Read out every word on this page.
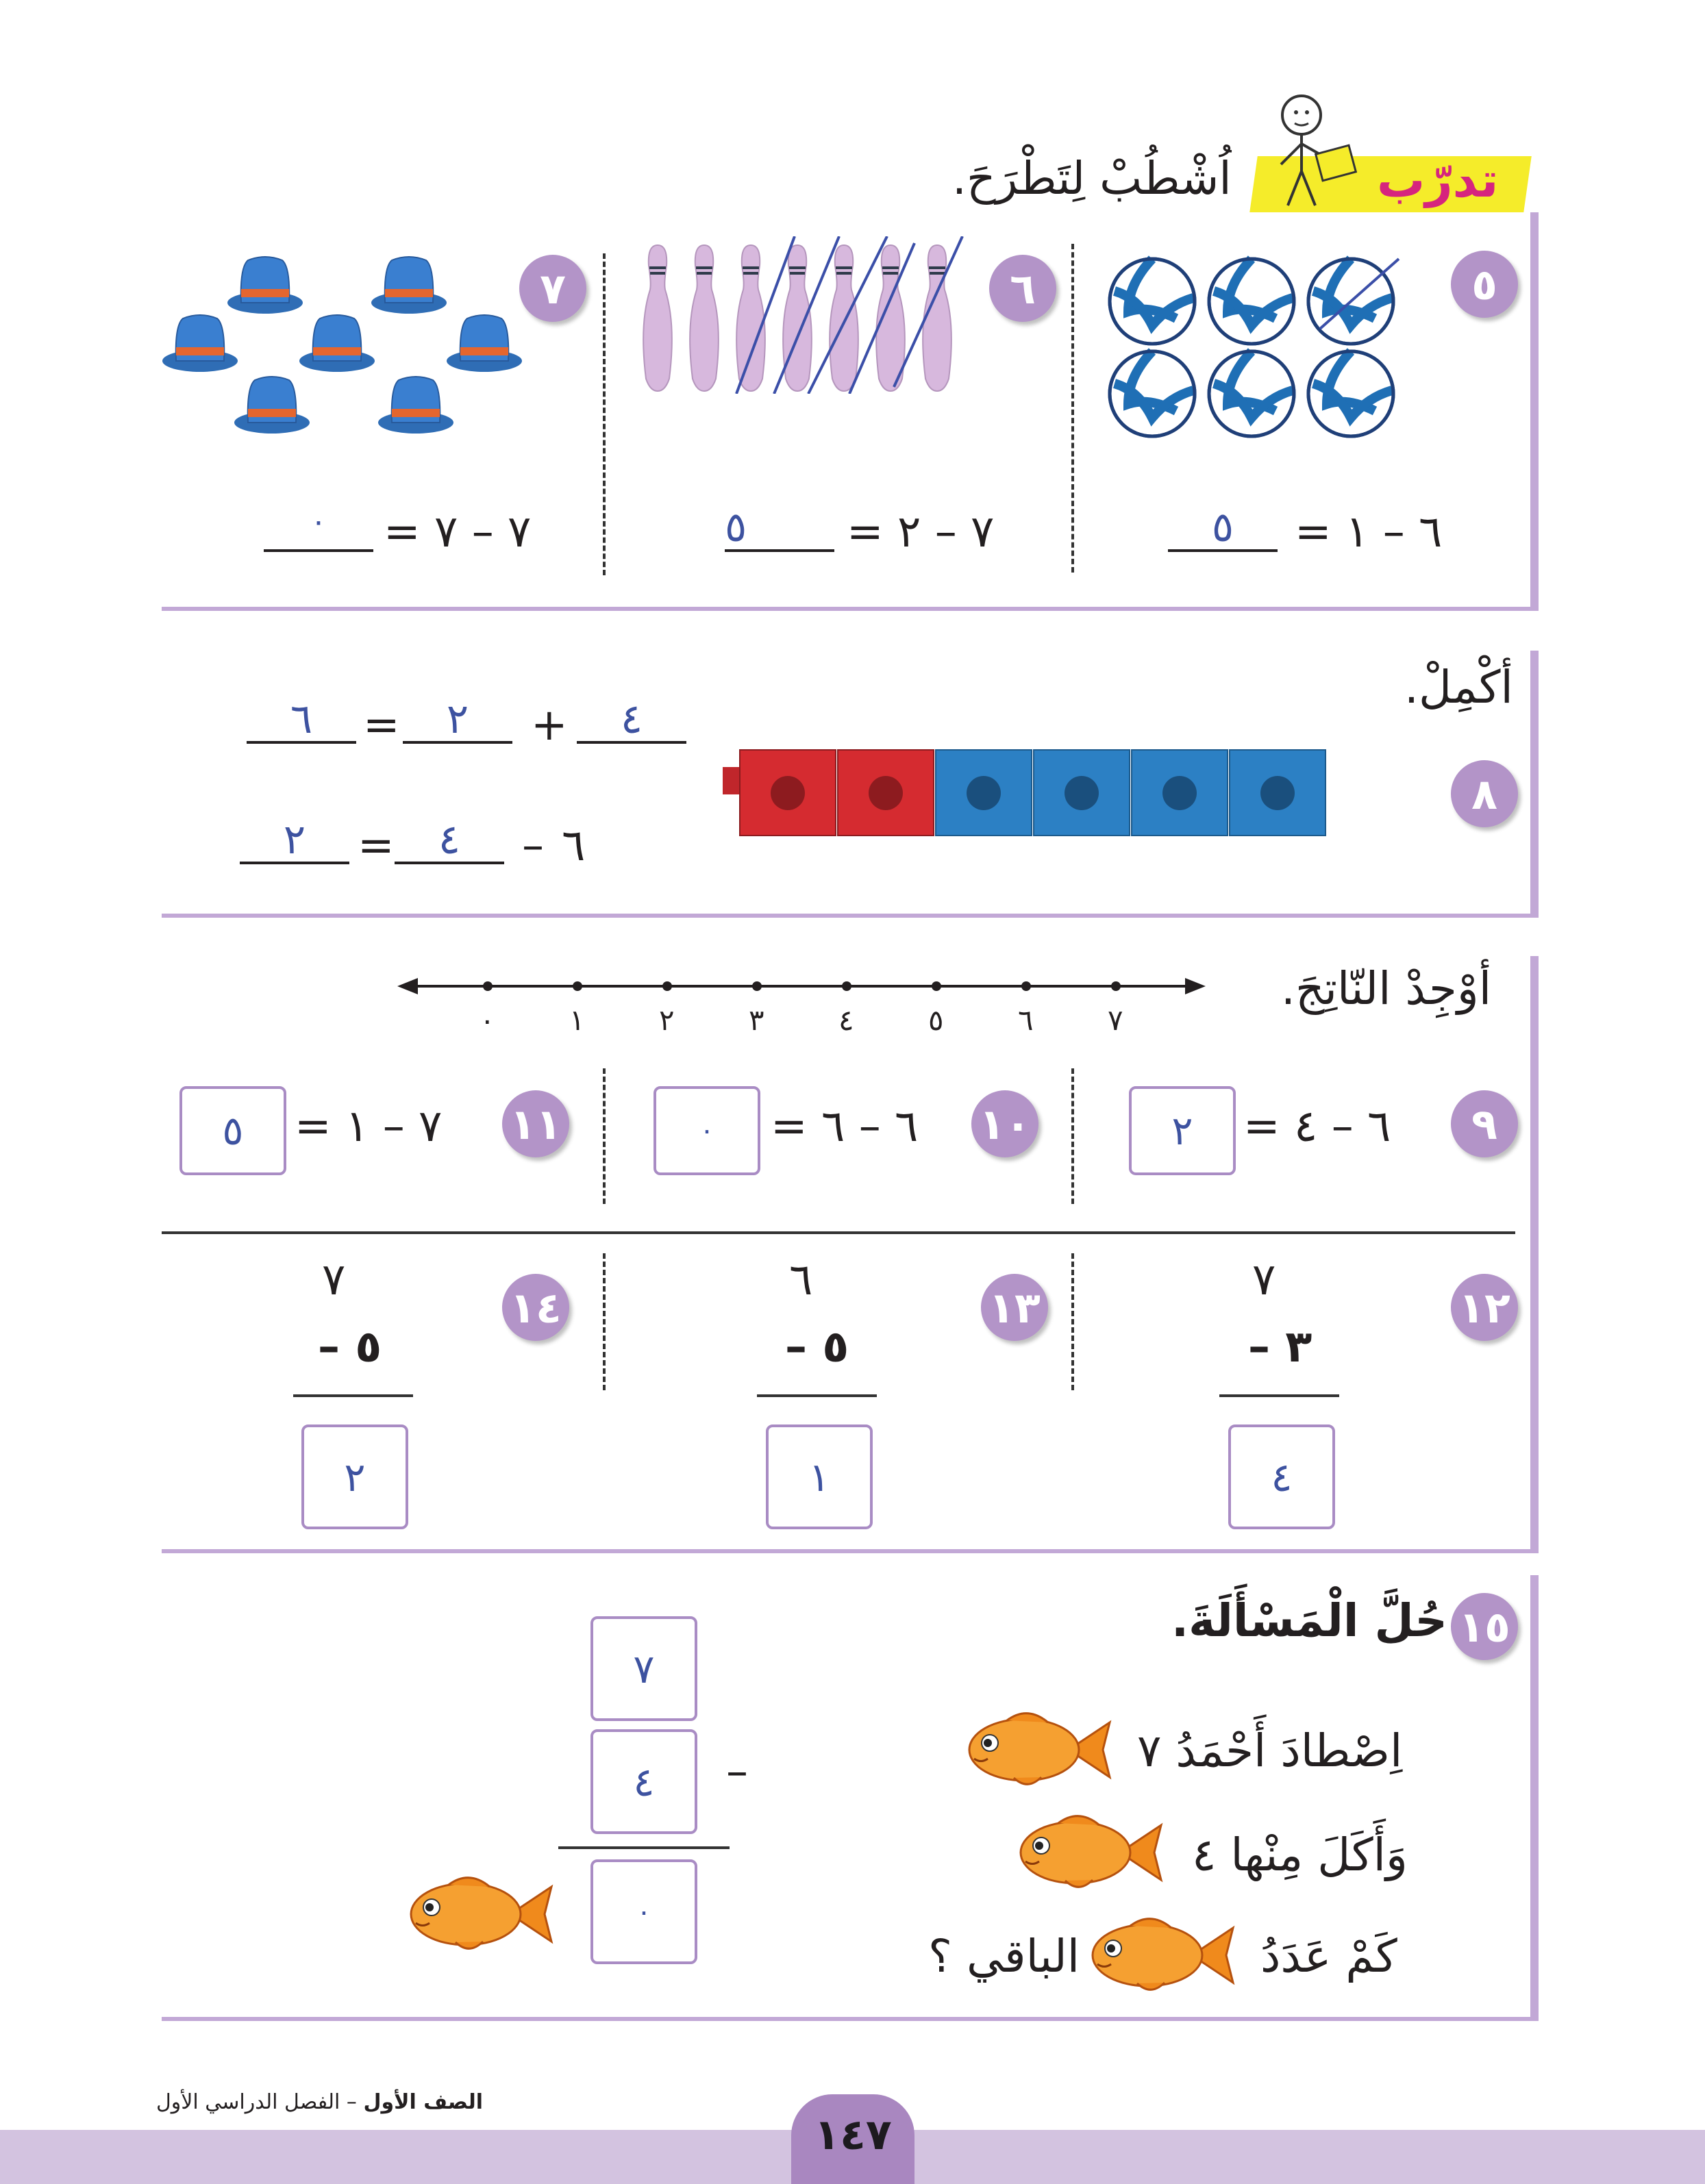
تدرّب
اُشْطُبْ لِتَطْرَحَ.
٥
٦
٧
٦ – ١ =
٥
٧ – ٢ =
٥
٧ – ٧ =
٠
أكْمِلْ.
٨
٤
+
٢
=
٦
٦
–
٤
=
٢
أوْجِدْ النّاتِجَ.
٠	١	٢	٣	٤	٥	٦	٧
٩
٦ – ٤ =
٢
١٠
٦ – ٦ =
٠
١١
٧ – ١ =
٥
١٢
٧
٣ –
٤
١٣
٦
٥ –
١
١٤
٧
٥ –
٢
١٥
حُلَّ الْمَسْأَلَةَ.
اِصْطادَ أَحْمَدُ ٧
وَأَكَلَ مِنْها ٤
كَمْ عَدَدُ
الباقي ؟
٧
–
٤
٠
١٤٧
الصف الأول – الفصل الدراسي الأول
